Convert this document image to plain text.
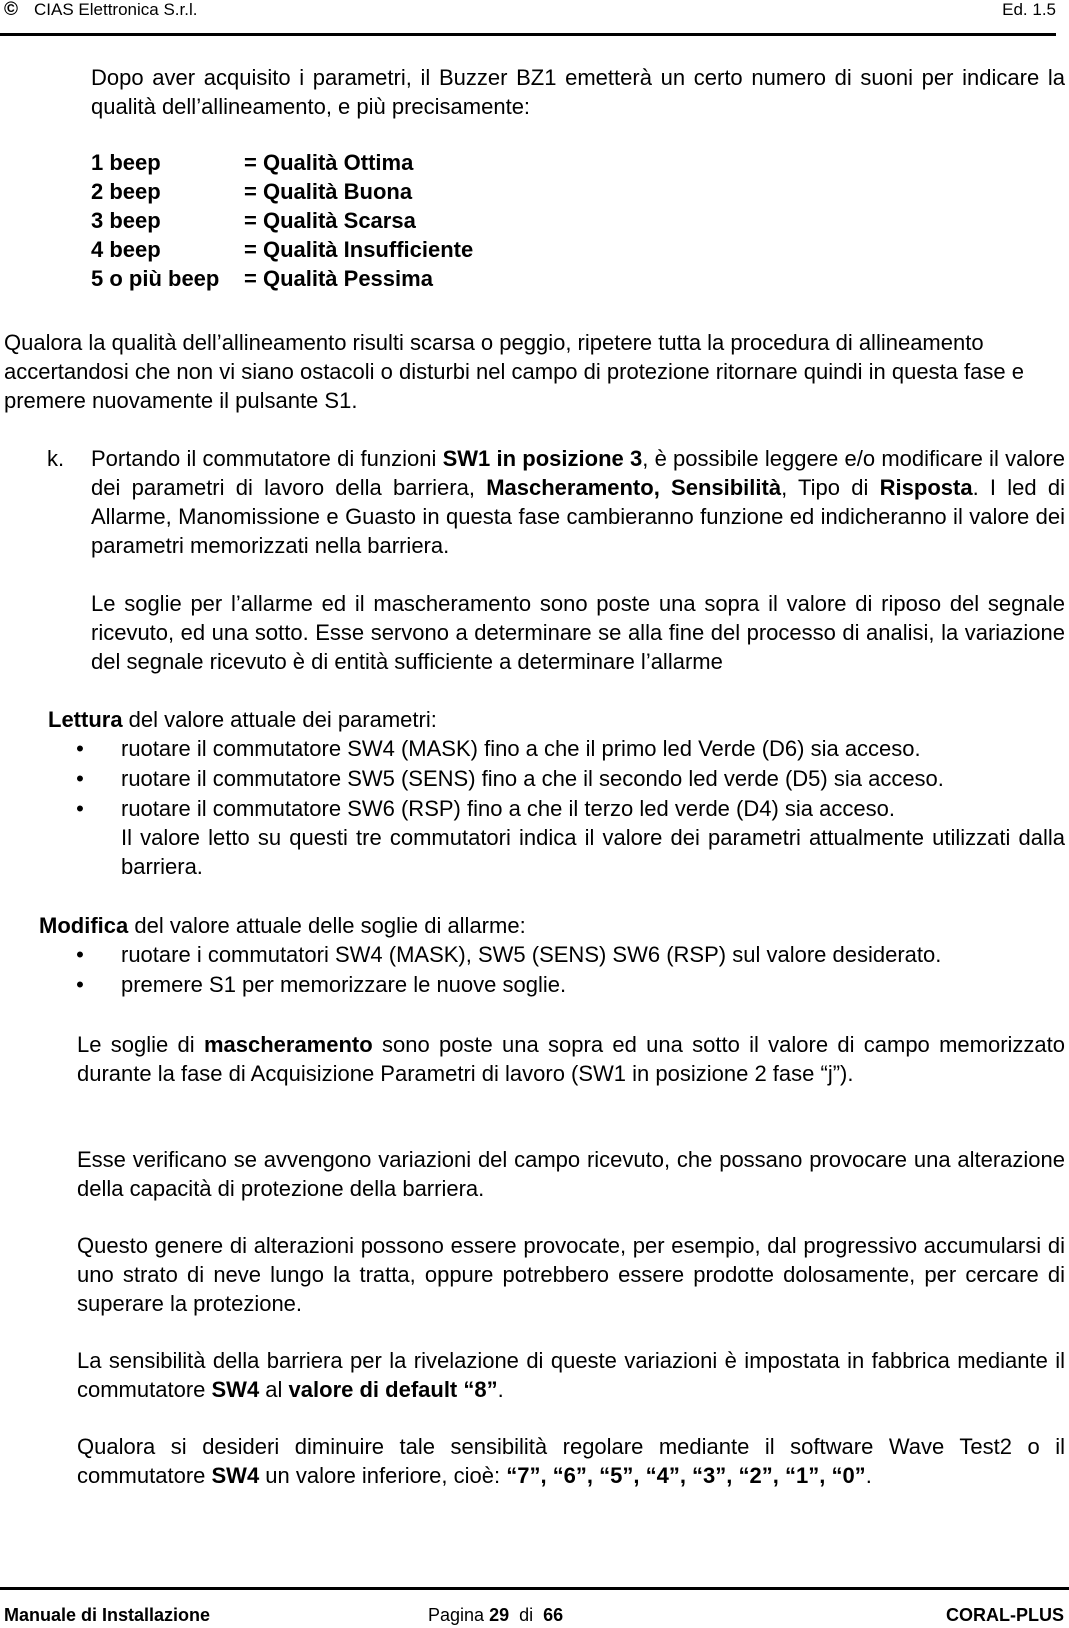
© CIAS Elettronica S.r.l.	Ed. 1.5
Dopo aver acquisito i parametri, il Buzzer BZ1 emetterà un certo numero di suoni per indicare la qualità dell’allineamento, e più precisamente:
1 beep	= Qualità Ottima
2 beep	= Qualità Buona
3 beep	= Qualità Scarsa
4 beep	= Qualità Insufficiente
5 o più beep = Qualità Pessima
Qualora la qualità dell’allineamento risulti scarsa o peggio, ripetere tutta la procedura di allineamento accertandosi che non vi siano ostacoli o disturbi nel campo di protezione ritornare quindi in questa fase e premere nuovamente il pulsante S1.
k. Portando il commutatore di funzioni SW1 in posizione 3, è possibile leggere e/o modificare il valore dei parametri di lavoro della barriera, Mascheramento, Sensibilità, Tipo di Risposta. I led di Allarme, Manomissione e Guasto in questa fase cambieranno funzione ed indicheranno il valore dei parametri memorizzati nella barriera.
Le soglie per l’allarme ed il mascheramento sono poste una sopra il valore di riposo del segnale ricevuto, ed una sotto. Esse servono a determinare se alla fine del processo di analisi, la variazione del segnale ricevuto è di entità sufficiente a determinare l’allarme
Lettura del valore attuale dei parametri:
• ruotare il commutatore SW4 (MASK) fino a che il primo led Verde (D6) sia acceso.
• ruotare il commutatore SW5 (SENS) fino a che il secondo led verde (D5) sia acceso.
• ruotare il commutatore SW6 (RSP) fino a che il terzo led verde (D4) sia acceso.
Il valore letto su questi tre commutatori indica il valore dei parametri attualmente utilizzati dalla barriera.
Modifica del valore attuale delle soglie di allarme:
• ruotare i commutatori SW4 (MASK), SW5 (SENS) SW6 (RSP) sul valore desiderato.
• premere S1 per memorizzare le nuove soglie.
Le soglie di mascheramento sono poste una sopra ed una sotto il valore di campo memorizzato durante la fase di Acquisizione Parametri di lavoro (SW1 in posizione 2 fase “j”).
Esse verificano se avvengono variazioni del campo ricevuto, che possano provocare una alterazione della capacità di protezione della barriera.
Questo genere di alterazioni possono essere provocate, per esempio, dal progressivo accumularsi di uno strato di neve lungo la tratta, oppure potrebbero essere prodotte dolosamente, per cercare di superare la protezione.
La sensibilità della barriera per la rivelazione di queste variazioni è impostata in fabbrica mediante il commutatore SW4 al valore di default “8”.
Qualora si desideri diminuire tale sensibilità regolare mediante il software Wave Test2 o il commutatore SW4 un valore inferiore, cioè: “7”, “6”, “5”, “4”, “3”, “2”, “1”, “0”.
Manuale di Installazione	Pagina 29  di  66	CORAL-PLUS
